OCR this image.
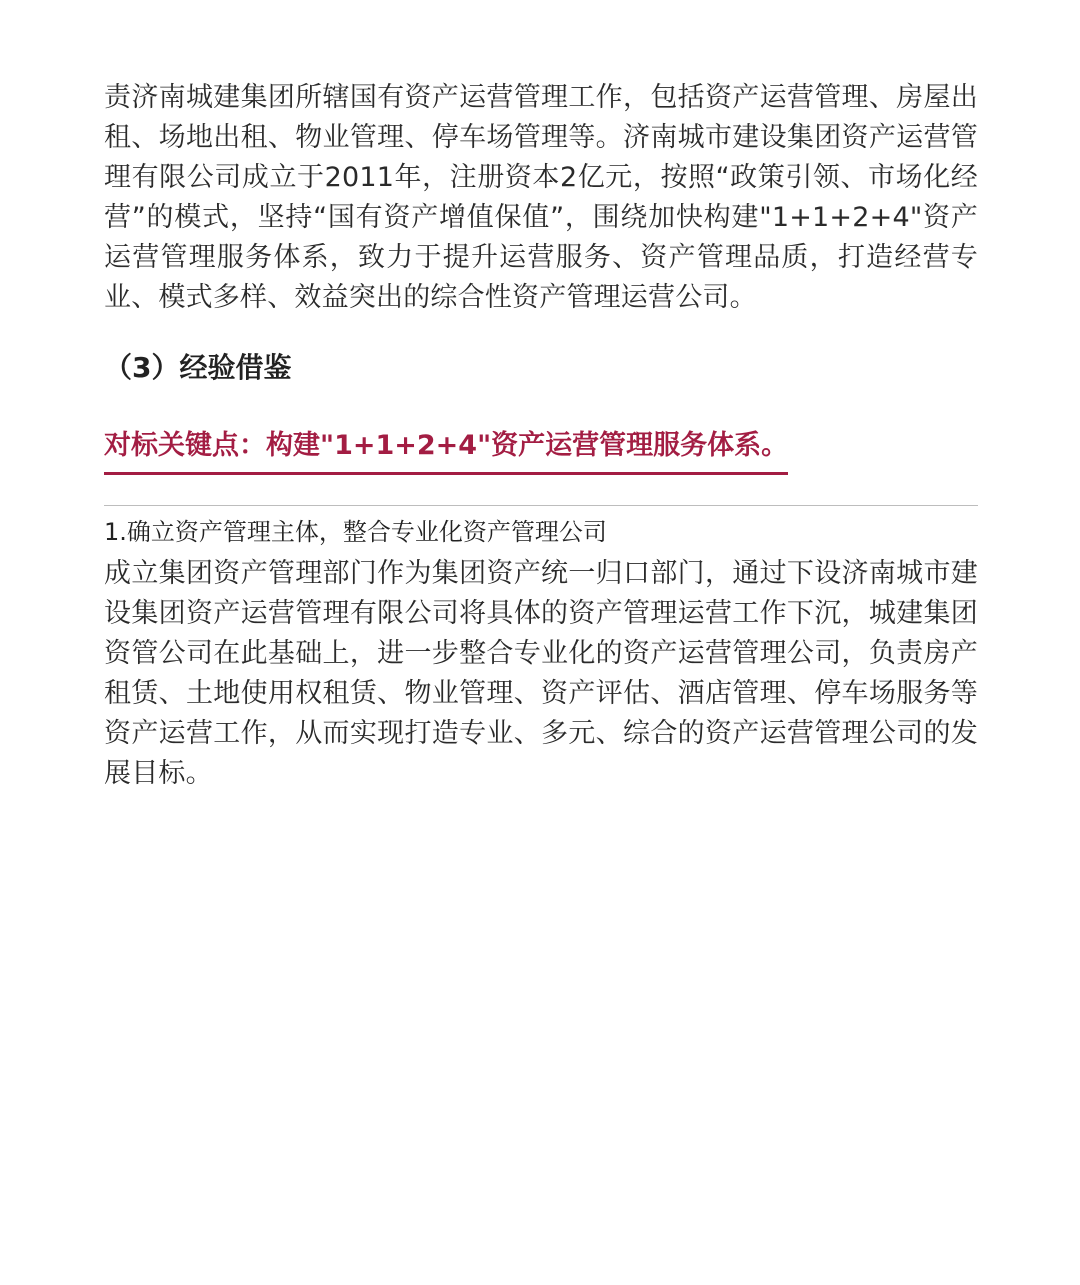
责济南城建集团所辖国有资产运营管理工作，包括资产运营管理、房屋出租、场地出租、物业管理、停车场管理等。济南城市建设集团资产运营管理有限公司成立于2011年，注册资本2亿元，按照“政策引领、市场化经营”的模式，坚持“国有资产增值保值”，围绕加快构建"1+1+2+4"资产运营管理服务体系，致力于提升运营服务、资产管理品质，打造经营专业、模式多样、效益突出的综合性资产管理运营公司。

（3）经验借鉴
对标关键点：构建"1+1+2+4"资产运营管理服务体系。
1.确立资产管理主体，整合专业化资产管理公司

成立集团资产管理部门作为集团资产统一归口部门，通过下设济南城市建设集团资产运营管理有限公司将具体的资产管理运营工作下沉，城建集团资管公司在此基础上，进一步整合专业化的资产运营管理公司，负责房产租赁、土地使用权租赁、物业管理、资产评估、酒店管理、停车场服务等资产运营工作，从而实现打造专业、多元、综合的资产运营管理公司的发展目标。
